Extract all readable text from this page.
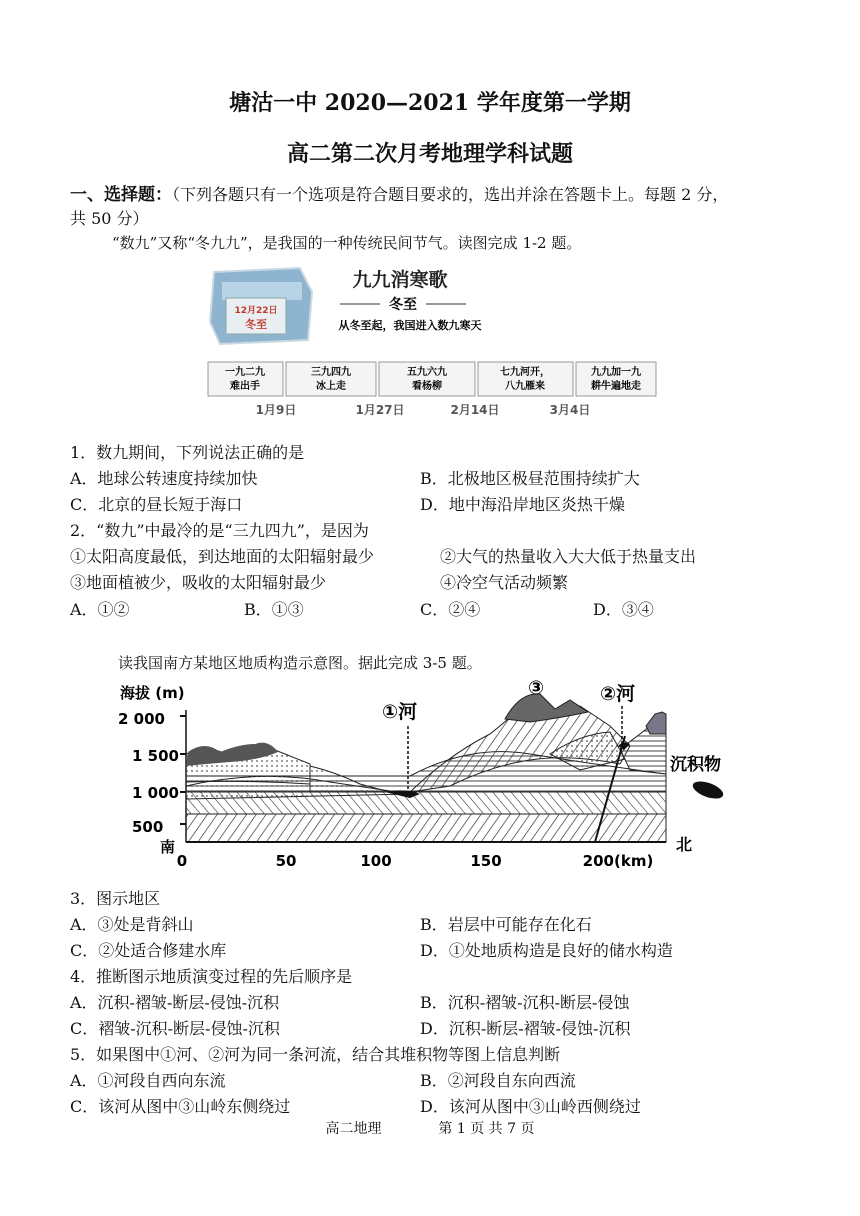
塘沽一中 2020—2021 学年度第一学期
高二第二次月考地理学科试题
一、选择题：（下列各题只有一个选项是符合题目要求的，选出并涂在答题卡上。每题 2 分，
共 50 分）
“数九”又称“冬九九”，是我国的一种传统民间节气。读图完成 1-2 题。
12月22日
冬至
九九消寒歌
冬至
从冬至起，我国进入数九寒天
一九二九
难出手
三九四九
冰上走
五九六九
看杨柳
七九河开，
八九雁来
九九加一九
耕牛遍地走
1月9日	1月27日	2月14日	3月4日
1．数九期间，下列说法正确的是
A．地球公转速度持续加快	B．北极地区极昼范围持续扩大
C．北京的昼长短于海口	D．地中海沿岸地区炎热干燥
2．“数九”中最冷的是“三九四九”，是因为
①太阳高度最低，到达地面的太阳辐射最少	②大气的热量收入大大低于热量支出
③地面植被少，吸收的太阳辐射最少	④冷空气活动频繁
A．①②	B．①③	C．②④	D．③④
读我国南方某地区地质构造示意图。据此完成 3-5 题。
海拔 (m)
2 000
1 500
1 000
500
0	50	100	150	200(km)
南	北
①河
③	②河
沉积物
3．图示地区
A．③处是背斜山	B．岩层中可能存在化石
C．②处适合修建水库	D．①处地质构造是良好的储水构造
4．推断图示地质演变过程的先后顺序是
A．沉积-褶皱-断层-侵蚀-沉积	B．沉积-褶皱-沉积-断层-侵蚀
C．褶皱-沉积-断层-侵蚀-沉积	D．沉积-断层-褶皱-侵蚀-沉积
5．如果图中①河、②河为同一条河流，结合其堆积物等图上信息判断
A．①河段自西向东流	B．②河段自东向西流
C．该河从图中③山岭东侧绕过	D．该河从图中③山岭西侧绕过
高二地理	第 1 页 共 7 页
